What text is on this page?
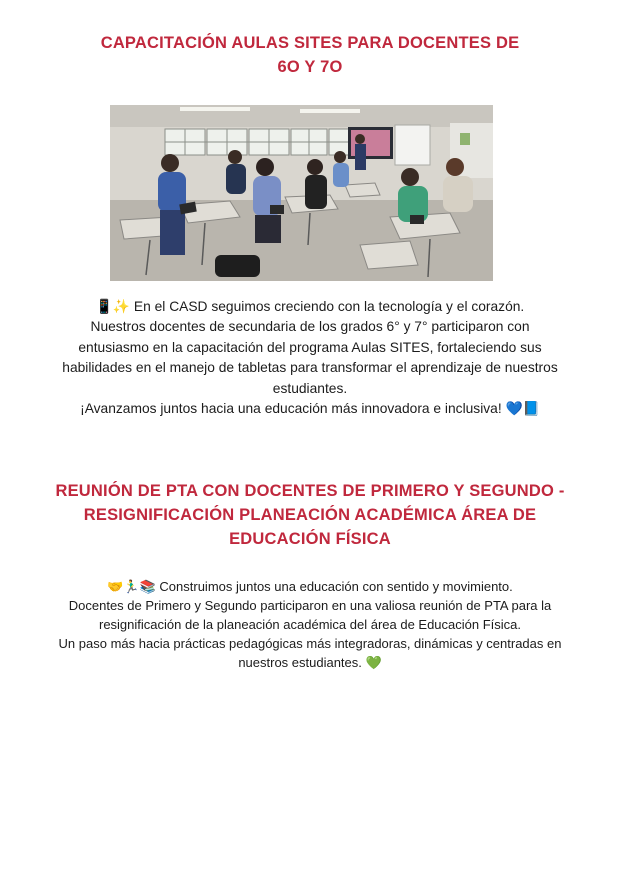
CAPACITACIÓN AULAS SITES PARA DOCENTES DE
6O Y 7O
📱✨ En el CASD seguimos creciendo con la tecnología y el corazón.
Nuestros docentes de secundaria de los grados 6° y 7° participaron con
entusiasmo en la capacitación del programa Aulas SITES, fortaleciendo sus
habilidades en el manejo de tabletas para transformar el aprendizaje de nuestros
estudiantes.
¡Avanzamos juntos hacia una educación más innovadora e inclusiva! 💙📘
REUNIÓN DE PTA CON DOCENTES DE PRIMERO Y SEGUNDO -
RESIGNIFICACIÓN PLANEACIÓN ACADÉMICA ÁREA DE
EDUCACIÓN FÍSICA
🤝🏃‍♂️📚 Construimos juntos una educación con sentido y movimiento.
Docentes de Primero y Segundo participaron en una valiosa reunión de PTA para la
resignificación de la planeación académica del área de Educación Física.
Un paso más hacia prácticas pedagógicas más integradoras, dinámicas y centradas en
nuestros estudiantes. 💚
